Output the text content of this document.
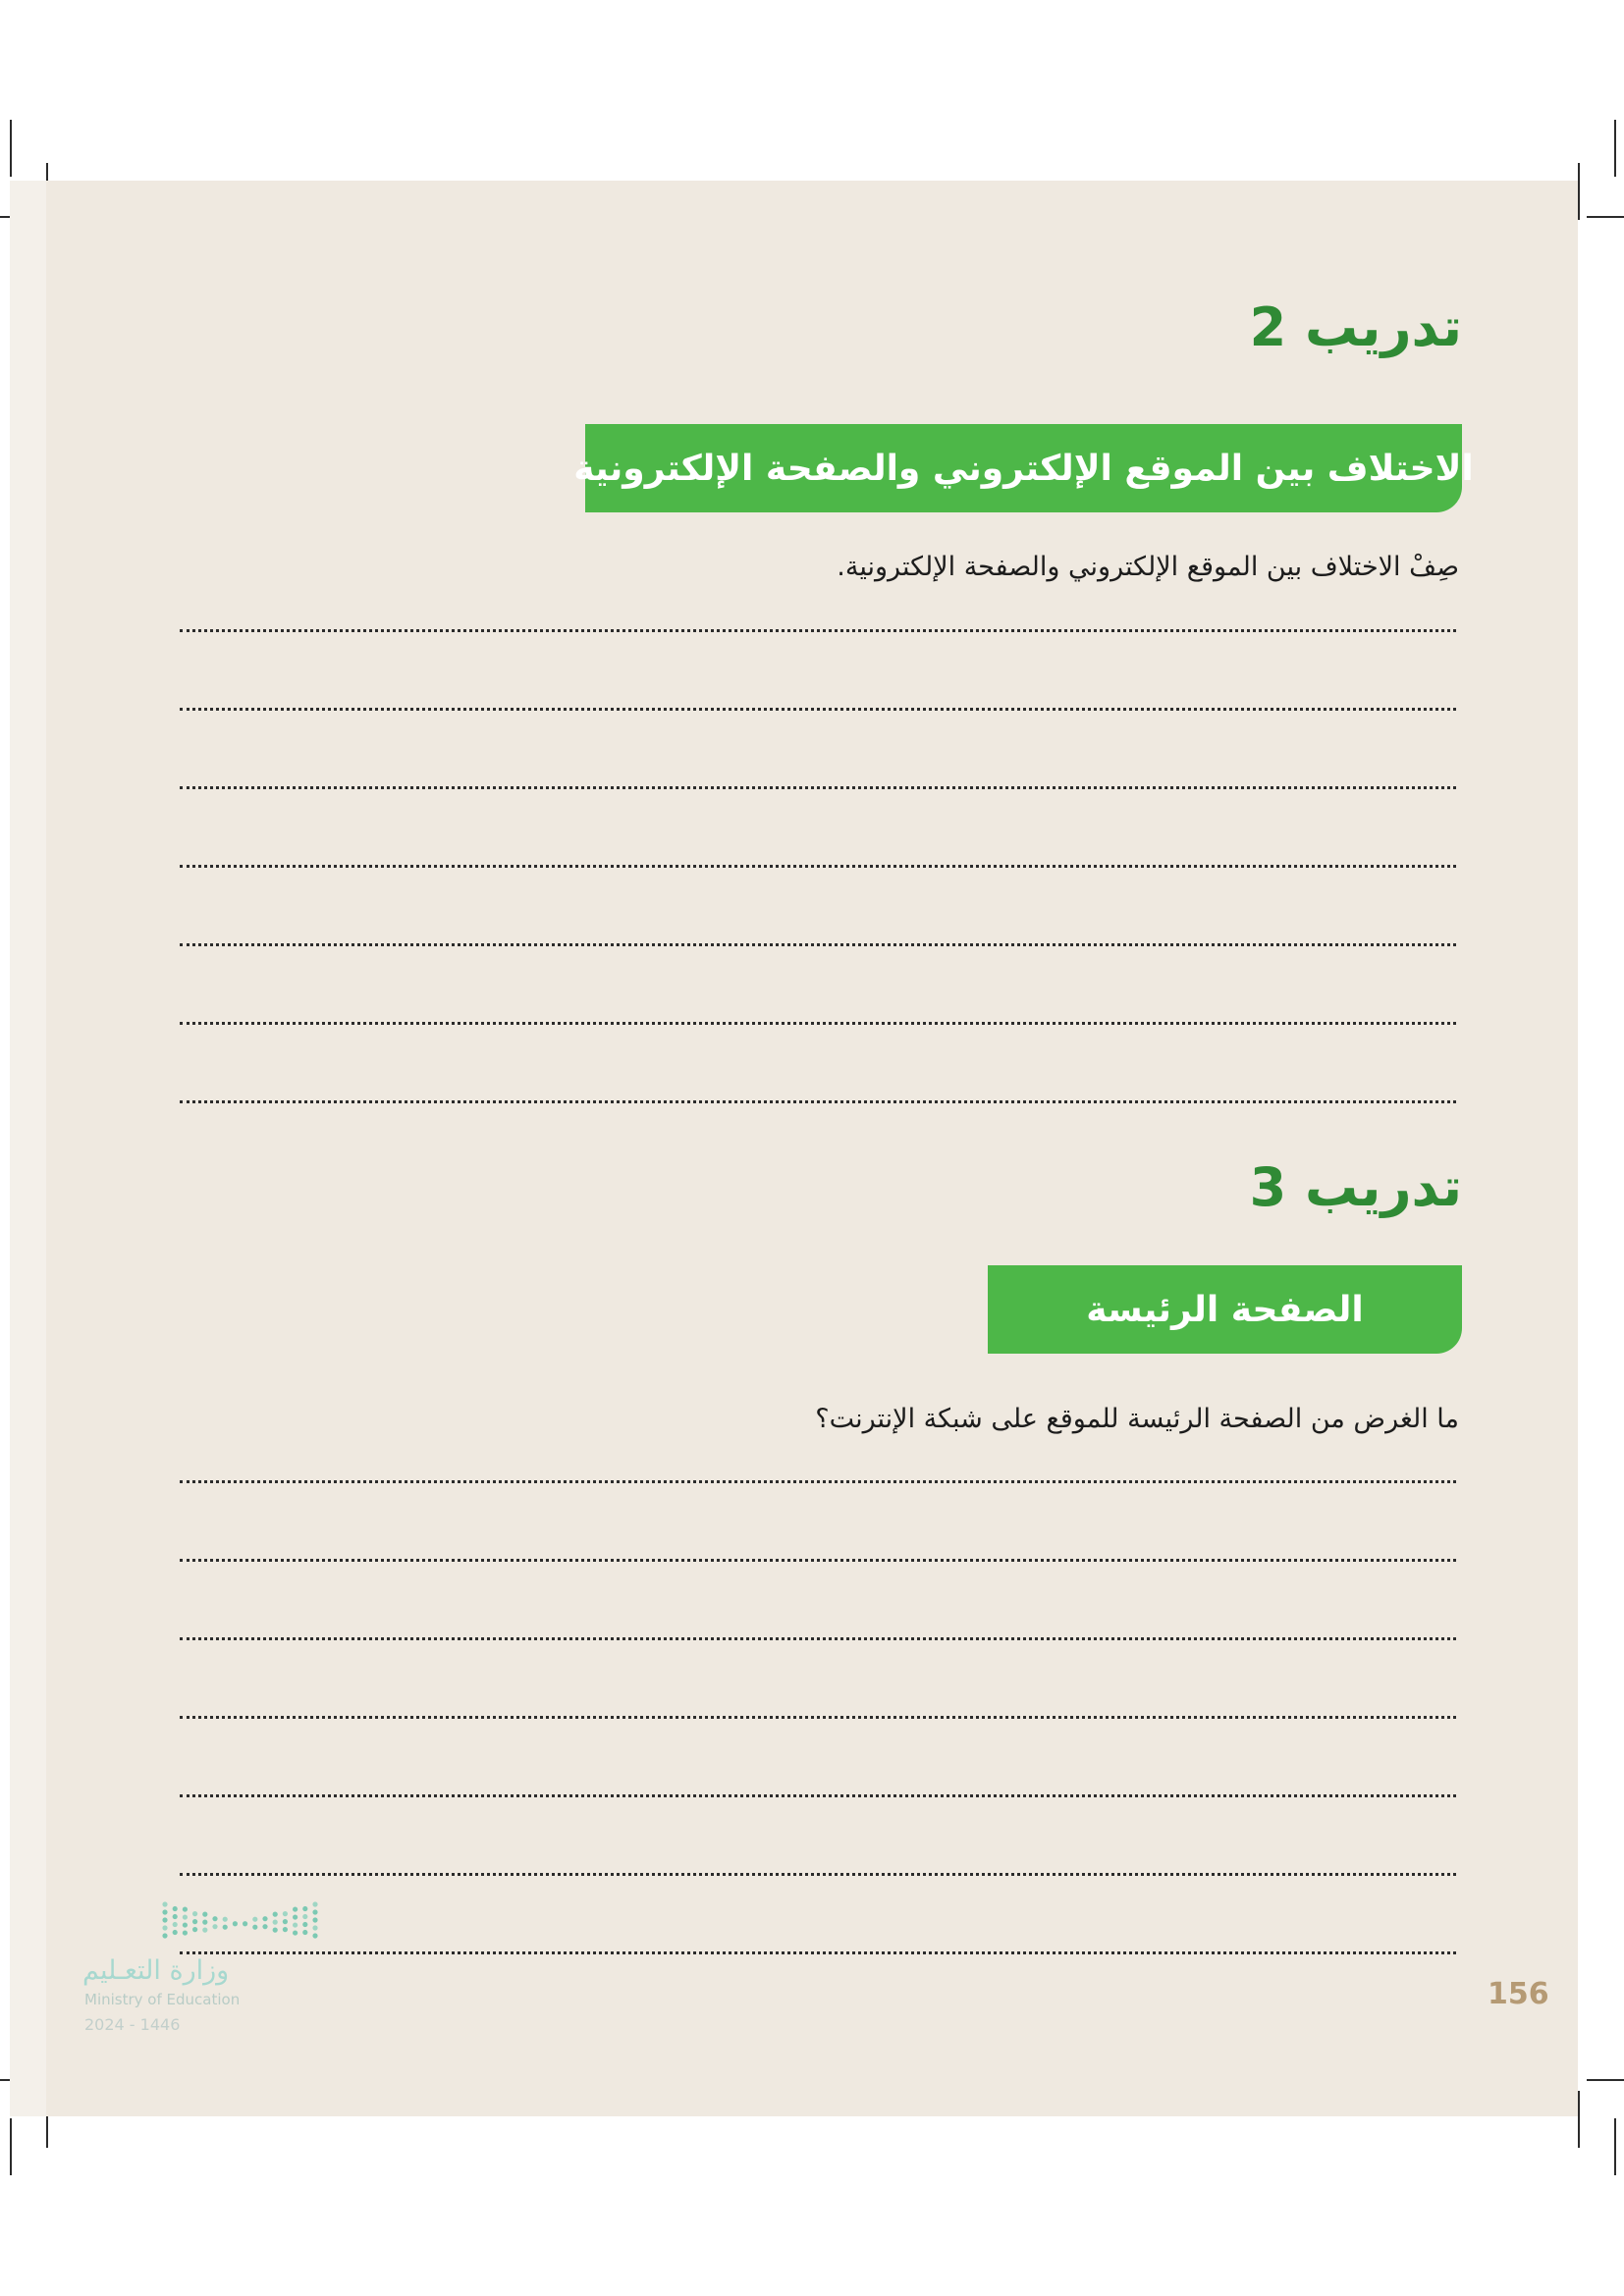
تدريب 2
الاختلاف بين الموقع الإلكتروني والصفحة الإلكترونية
صِفْ الاختلاف بين الموقع الإلكتروني والصفحة الإلكترونية.
تدريب 3
الصفحة الرئيسة
ما الغرض من الصفحة الرئيسة للموقع على شبكة الإنترنت؟
وزارة التعـليم
Ministry of Education
2024 - 1446
156
